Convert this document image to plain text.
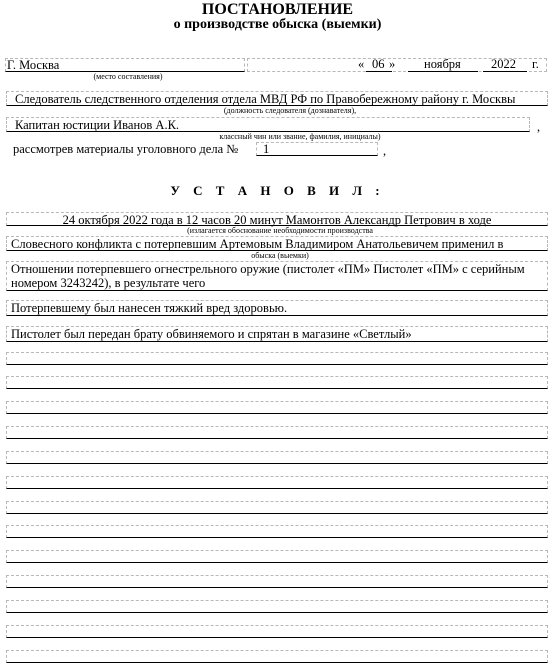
ПОСТАНОВЛЕНИЕ
о производстве обыска (выемки)
Г. Москва
(место составления)
« 06 » ноября 2022 г.
Следователь следственного отделения отдела МВД РФ по Правобережному району г. Москвы
(должность следователя (дознавателя),
Капитан юстиции Иванов А.К.	,
классный чин или звание, фамилия, инициалы)
рассмотрев материалы уголовного дела № 1	,
У С Т А Н О В И Л :
24 октября 2022 года в 12 часов 20 минут Мамонтов Александр Петрович в ходе
(излагается обоснование необходимости производства
Словесного конфликта с потерпевшим Артемовым Владимиром Анатольевичем применил в
обыска (выемки)
Отношении потерпевшего огнестрельного оружие (пистолет «ПМ» Пистолет «ПМ» с серийным
номером 3243242), в результате чего
Потерпевшему был нанесен тяжкий вред здоровью.
Пистолет был передан брату обвиняемого и спрятан в магазине «Светлый»
